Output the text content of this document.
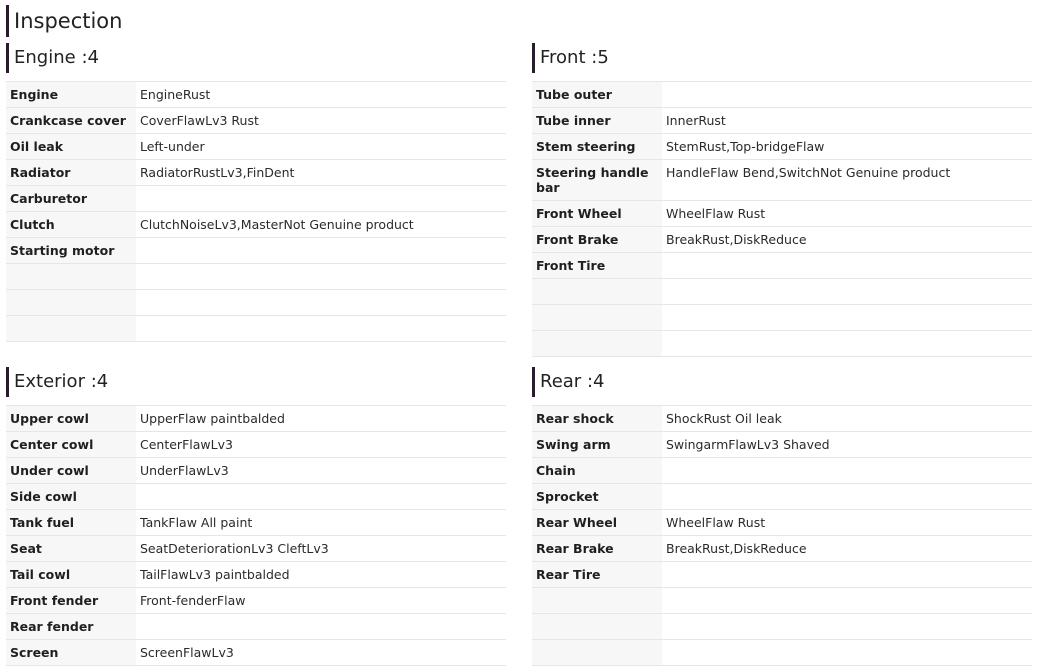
Inspection
Engine :4
Engine	EngineRust
Crankcase cover	CoverFlawLv3 Rust
Oil leak	Left-under
Radiator	RadiatorRustLv3,FinDent
Carburetor	
Clutch	ClutchNoiseLv3,MasterNot Genuine product
Starting motor	

Front :5
Tube outer	
Tube inner	InnerRust
Stem steering	StemRust,Top-bridgeFlaw
Steering handle bar	HandleFlaw Bend,SwitchNot Genuine product
Front Wheel	WheelFlaw Rust
Front Brake	BreakRust,DiskReduce
Front Tire	

Exterior :4
Upper cowl	UpperFlaw paintbalded
Center cowl	CenterFlawLv3
Under cowl	UnderFlawLv3
Side cowl	
Tank fuel	TankFlaw All paint
Seat	SeatDeteriorationLv3 CleftLv3
Tail cowl	TailFlawLv3 paintbalded
Front fender	Front-fenderFlaw
Rear fender	
Screen	ScreenFlawLv3
Rear :4
Rear shock	ShockRust Oil leak
Swing arm	SwingarmFlawLv3 Shaved
Chain	
Sprocket	
Rear Wheel	WheelFlaw Rust
Rear Brake	BreakRust,DiskReduce
Rear Tire	
